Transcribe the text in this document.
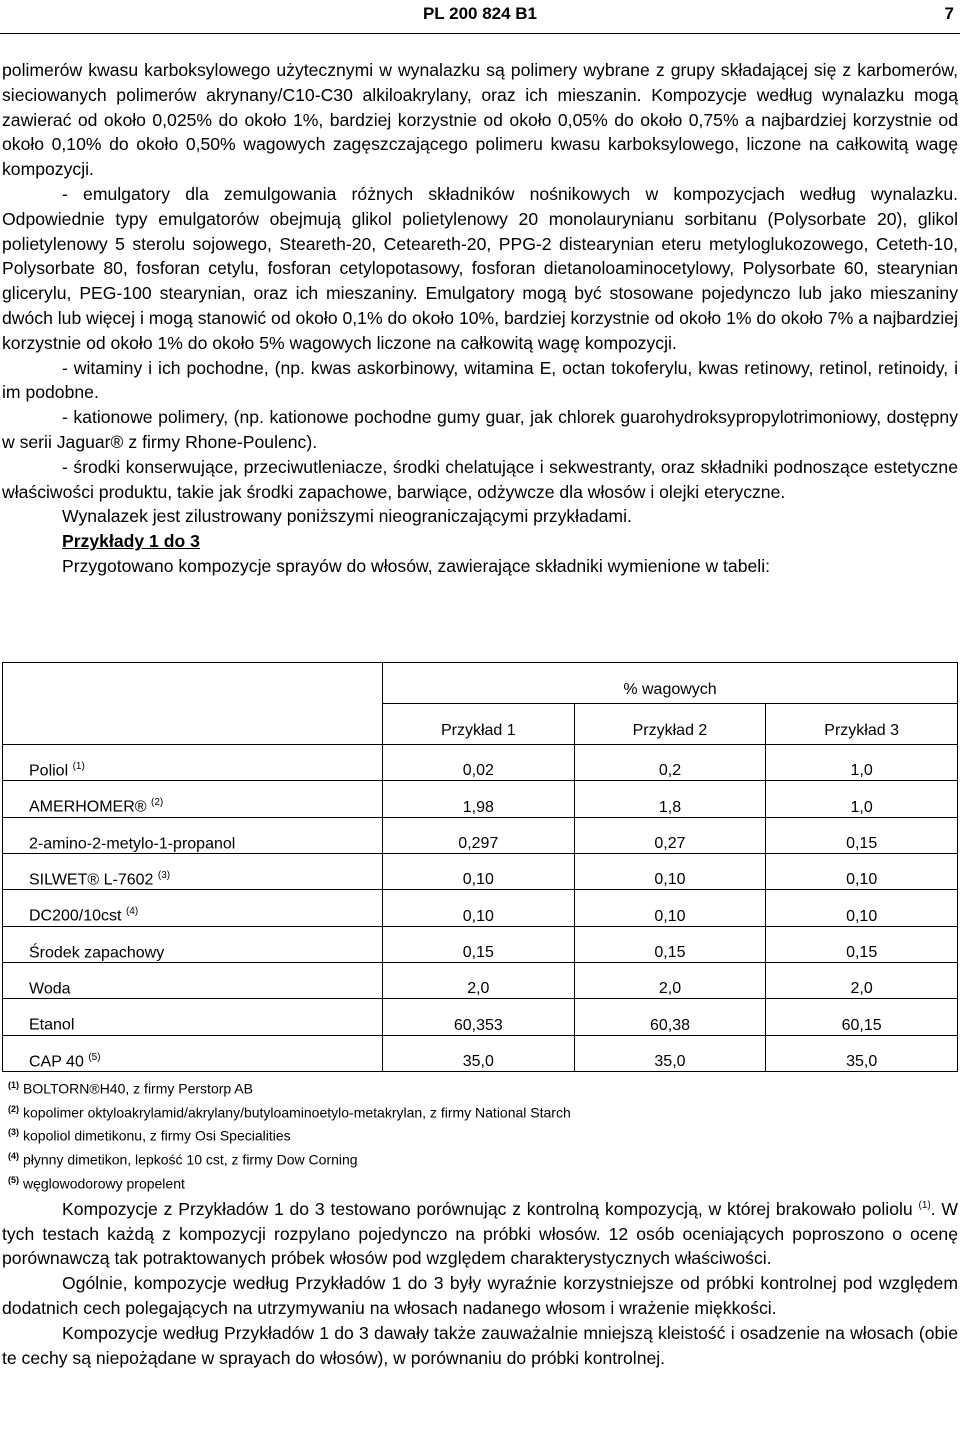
PL 200 824 B1	7

polimerów kwasu karboksylowego użytecznymi w wynalazku są polimery wybrane z grupy składającej się z karbomerów, sieciowanych polimerów akrynany/C10-C30 alkiloakrylany, oraz ich mieszanin. Kompozycje według wynalazku mogą zawierać od około 0,025% do około 1%, bardziej korzystnie od około 0,05% do około 0,75% a najbardziej korzystnie od około 0,10% do około 0,50% wagowych zagęszczającego polimeru kwasu karboksylowego, liczone na całkowitą wagę kompozycji.

- emulgatory dla zemulgowania różnych składników nośnikowych w kompozycjach według wynalazku. Odpowiednie typy emulgatorów obejmują glikol polietylenowy 20 monolaurynianu sorbitanu (Polysorbate 20), glikol polietylenowy 5 sterolu sojowego, Steareth-20, Ceteareth-20, PPG-2 distearynian eteru metyloglukozowego, Ceteth-10, Polysorbate 80, fosforan cetylu, fosforan cetylopotasowy, fosforan dietanoloaminocetylowy, Polysorbate 60, stearynian glicerylu, PEG-100 stearynian, oraz ich mieszaniny. Emulgatory mogą być stosowane pojedynczo lub jako mieszaniny dwóch lub więcej i mogą stanowić od około 0,1% do około 10%, bardziej korzystnie od około 1% do około 7% a najbardziej korzystnie od około 1% do około 5% wagowych liczone na całkowitą wagę kompozycji.

- witaminy i ich pochodne, (np. kwas askorbinowy, witamina E, octan tokoferylu, kwas retinowy, retinol, retinoidy, i im podobne.

- kationowe polimery, (np. kationowe pochodne gumy guar, jak chlorek guarohydroksypropylotrimoniowy, dostępny w serii Jaguar® z firmy Rhone-Poulenc).

- środki konserwujące, przeciwutleniacze, środki chelatujące i sekwestranty, oraz składniki podnoszące estetyczne właściwości produktu, takie jak środki zapachowe, barwiące, odżywcze dla włosów i olejki eteryczne.

Wynalazek jest zilustrowany poniższymi nieograniczającymi przykładami.

Przykłady 1 do 3

Przygotowano kompozycje sprayów do włosów, zawierające składniki wymienione w tabeli:

	% wagowych		
	Przykład 1	Przykład 2	Przykład 3
Poliol $^{(1)}$	0,02	0,2	1,0
AMERHOMER® $^{(2)}$	1,98	1,8	1,0
2-amino-2-metylo-1-propanol	0,297	0,27	0,15
SILWET® L-7602 $^{(3)}$	0,10	0,10	0,10
DC200/10cst $^{(4)}$	0,10	0,10	0,10
Środek zapachowy	0,15	0,15	0,15
Woda	2,0	2,0	2,0
Etanol	60,353	60,38	60,15
CAP 40 $^{(5)}$	35,0	35,0	35,0
$^{(1)}$ BOLTORN®H40, z firmy Perstorp AB
$^{(2)}$ kopolimer oktyloakrylamid/akrylany/butyloaminoetylo-metakrylan, z firmy National Starch
$^{(3)}$ kopoliol dimetikonu, z firmy Osi Specialities
$^{(4)}$ płynny dimetikon, lepkość 10 cst, z firmy Dow Corning
$^{(5)}$ węglowodorowy propelent

Kompozycje z Przykładów 1 do 3 testowano porównując z kontrolną kompozycją, w której brakowało poliolu $^{(1)}$. W tych testach każdą z kompozycji rozpylano pojedynczo na próbki włosów. 12 osób oceniających poproszono o ocenę porównawczą tak potraktowanych próbek włosów pod względem charakterystycznych właściwości.

Ogólnie, kompozycje według Przykładów 1 do 3 były wyraźnie korzystniejsze od próbki kontrolnej pod względem dodatnich cech polegających na utrzymywaniu na włosach nadanego włosom i wrażenie miękkości.

Kompozycje według Przykładów 1 do 3 dawały także zauważalnie mniejszą kleistość i osadzenie na włosach (obie te cechy są niepożądane w sprayach do włosów), w porównaniu do próbki kontrolnej.
